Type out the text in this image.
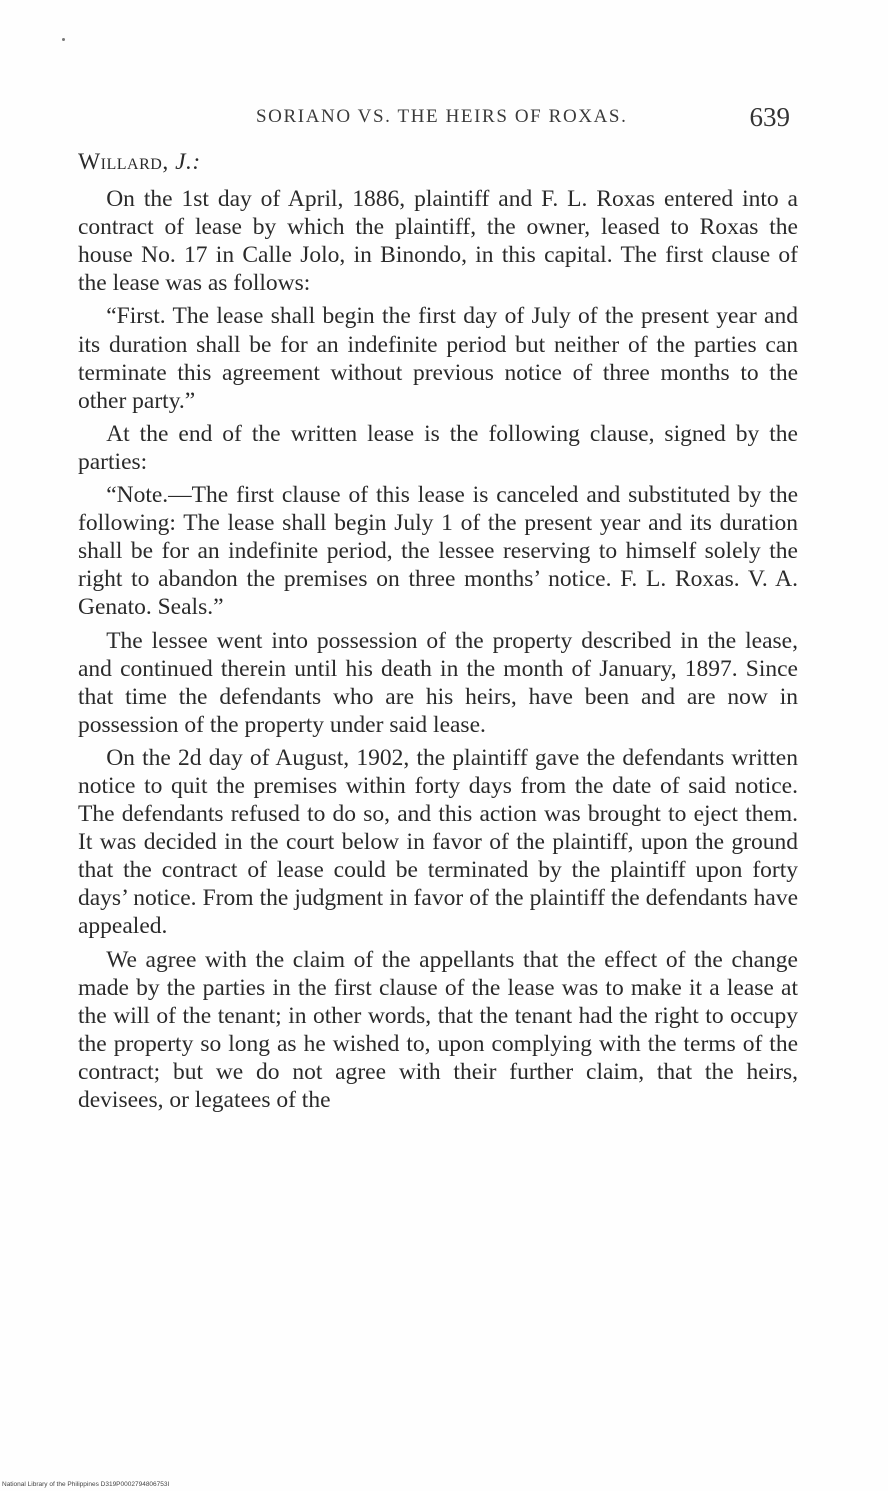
SORIANO VS. THE HEIRS OF ROXAS.	639

Willard, J.:

On the 1st day of April, 1886, plaintiff and F. L. Roxas entered into a contract of lease by which the plaintiff, the owner, leased to Roxas the house No. 17 in Calle Jolo, in Binondo, in this capital. The first clause of the lease was as follows:

“First. The lease shall begin the first day of July of the present year and its duration shall be for an indefinite period but neither of the parties can terminate this agreement without previous notice of three months to the other party.”

At the end of the written lease is the following clause, signed by the parties:

“Note.—The first clause of this lease is canceled and substituted by the following: The lease shall begin July 1 of the present year and its duration shall be for an indefinite period, the lessee reserving to himself solely the right to abandon the premises on three months’ notice. F. L. Roxas. V. A. Genato. Seals.”

The lessee went into possession of the property described in the lease, and continued therein until his death in the month of January, 1897. Since that time the defendants who are his heirs, have been and are now in possession of the property under said lease.

On the 2d day of August, 1902, the plaintiff gave the defendants written notice to quit the premises within forty days from the date of said notice. The defendants refused to do so, and this action was brought to eject them. It was decided in the court below in favor of the plaintiff, upon the ground that the contract of lease could be terminated by the plaintiff upon forty days’ notice. From the judgment in favor of the plaintiff the defendants have appealed.

We agree with the claim of the appellants that the effect of the change made by the parties in the first clause of the lease was to make it a lease at the will of the tenant; in other words, that the tenant had the right to occupy the property so long as he wished to, upon complying with the terms of the contract; but we do not agree with their further claim, that the heirs, devisees, or legatees of the

National Library of the Philippines D319P0002794806753I
